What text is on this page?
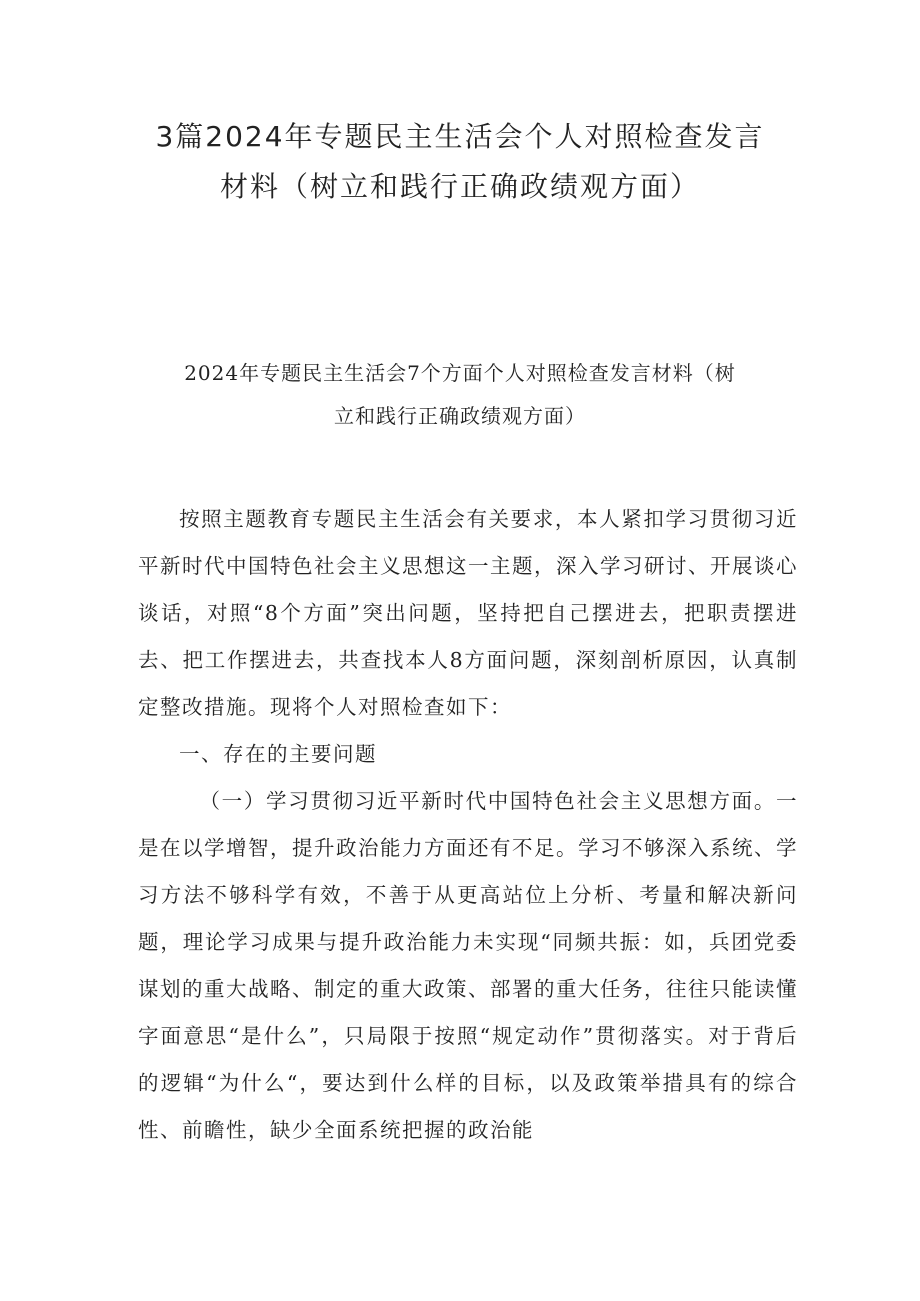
3篇2024年专题民主生活会个人对照检查发言
材料（树立和践行正确政绩观方面）
2024年专题民主生活会7个方面个人对照检查发言材料（树
立和践行正确政绩观方面）

按照主题教育专题民主生活会有关要求，本人紧扣学习贯彻习近平新时代中国特色社会主义思想这一主题，深入学习研讨、开展谈心谈话，对照“8个方面”突出问题，坚持把自己摆进去，把职责摆进去、把工作摆进去，共查找本人8方面问题，深刻剖析原因，认真制定整改措施。现将个人对照检查如下：

一、存在的主要问题

（一）学习贯彻习近平新时代中国特色社会主义思想方面。一是在以学增智，提升政治能力方面还有不足。学习不够深入系统、学习方法不够科学有效，不善于从更高站位上分析、考量和解决新问题，理论学习成果与提升政治能力未实现“同频共振：如，兵团党委谋划的重大战略、制定的重大政策、部署的重大任务，往往只能读懂字面意思“是什么”，只局限于按照“规定动作”贯彻落实。对于背后的逻辑“为什么“，要达到什么样的目标，以及政策举措具有的综合性、前瞻性，缺少全面系统把握的政治能
